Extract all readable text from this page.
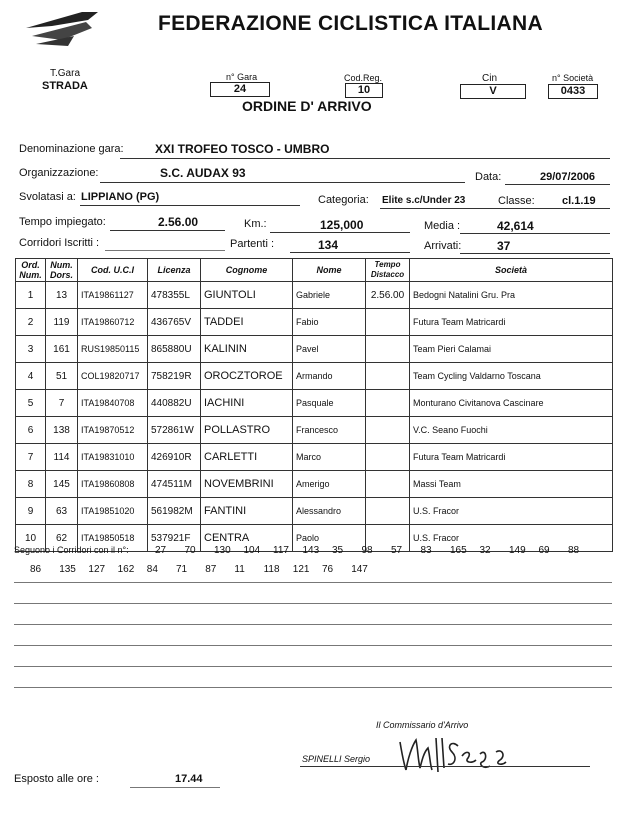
FEDERAZIONE CICLISTICA ITALIANA
T.Gara
STRADA
n° Gara
24
Cod.Reg.
10
Cin
V
n° Società
0433
ORDINE D' ARRIVO
Denominazione gara:	XXI TROFEO TOSCO - UMBRO
Organizzazione:	S.C. AUDAX 93	Data:	29/07/2006
Svolatasi a: LIPPIANO (PG)	Categoria: Elite s.c/Under 23	Classe: cl.1.19
Tempo impiegato:	2.56.00	Km.:	125,000	Media :	42,614
Corridori Iscritti :	Partenti :	134	Arrivati:	37
Ord. Num.	Num. Dors.	Cod. U.C.I	Licenza	Cognome	Nome	Tempo Distacco	Società
1	13	ITA19861127	478355L	GIUNTOLI	Gabriele	2.56.00	Bedogni Natalini Gru. Pra
2	119	ITA19860712	436765V	TADDEI	Fabio		Futura Team Matricardi
3	161	RUS19850115	865880U	KALININ	Pavel		Team Pieri Calamai
4	51	COL19820717	758219R	OROCZTOROE	Armando		Team Cycling Valdarno Toscana
5	7	ITA19840708	440882U	IACHINI	Pasquale		Monturano Civitanova Cascinare
6	138	ITA19870512	572861W	POLLASTRO	Francesco		V.C. Seano Fuochi
7	114	ITA19831010	426910R	CARLETTI	Marco		Futura Team Matricardi
8	145	ITA19860808	474511M	NOVEMBRINI	Amerigo		Massi Team
9	63	ITA19851020	561982M	FANTINI	Alessandro		U.S. Fracor
10	62	ITA19850518	537921F	CENTRA	Paolo		U.S. Fracor
Seguono i Corridori con il n°:	27 70 130 104 117 143 35 98 57 83 165 32 149 69 88
86 135 127 162 84 71 87 11 118 121 76 147
Il Commissario d'Arrivo
SPINELLI Sergio
Esposto alle ore :	17.44
